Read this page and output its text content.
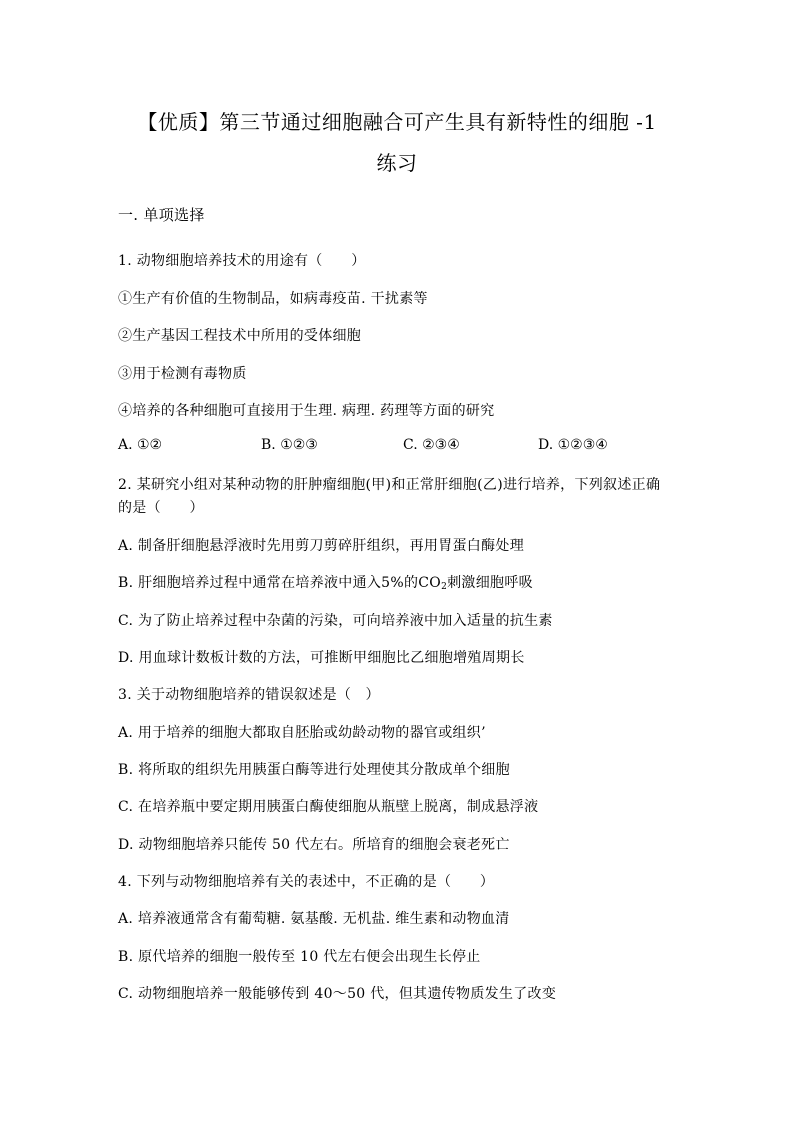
【优质】第三节通过细胞融合可产生具有新特性的细胞 -1
练习
一. 单项选择
1. 动物细胞培养技术的用途有（　　）
①生产有价值的生物制品，如病毒疫苗. 干扰素等
②生产基因工程技术中所用的受体细胞
③用于检测有毒物质
④培养的各种细胞可直接用于生理. 病理. 药理等方面的研究
A. ①②	B. ①②③	C. ②③④	D. ①②③④
2. 某研究小组对某种动物的肝肿瘤细胞(甲)和正常肝细胞(乙)进行培养，下列叙述正确
的是（　　）
A. 制备肝细胞悬浮液时先用剪刀剪碎肝组织，再用胃蛋白酶处理
B. 肝细胞培养过程中通常在培养液中通入5%的$CO_2$刺激细胞呼吸
C. 为了防止培养过程中杂菌的污染，可向培养液中加入适量的抗生素
D. 用血球计数板计数的方法，可推断甲细胞比乙细胞增殖周期长
3. 关于动物细胞培养的错误叙述是（　）
A. 用于培养的细胞大都取自胚胎或幼龄动物的器官或组织’
B. 将所取的组织先用胰蛋白酶等进行处理使其分散成单个细胞
C. 在培养瓶中要定期用胰蛋白酶使细胞从瓶壁上脱离，制成悬浮液
D. 动物细胞培养只能传 50 代左右。所培育的细胞会衰老死亡
4. 下列与动物细胞培养有关的表述中，不正确的是（　　）
A. 培养液通常含有葡萄糖. 氨基酸. 无机盐. 维生素和动物血清
B. 原代培养的细胞一般传至 10 代左右便会出现生长停止
C. 动物细胞培养一般能够传到 40～50 代，但其遗传物质发生了改变
